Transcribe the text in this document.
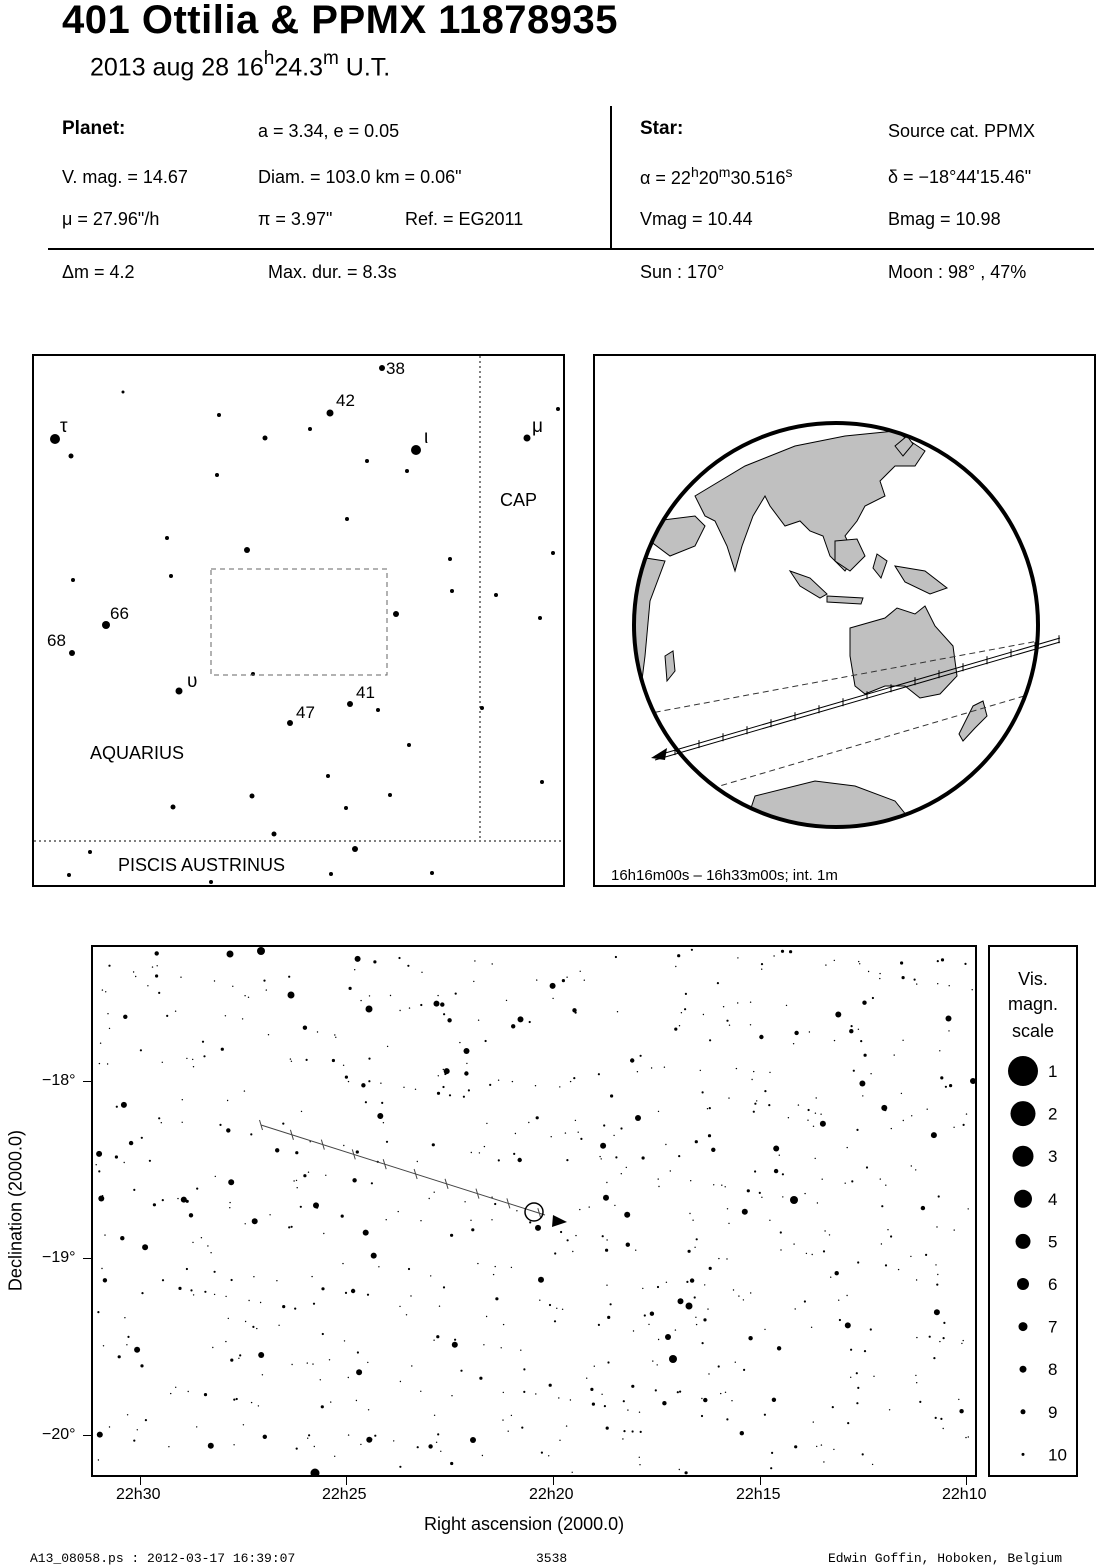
401 Ottilia & PPMX 11878935
2013 aug 28 16$^h$24.3$^m$ U.T.
Planet:	a = 3.34, e = 0.05
V. mag. = 14.67	Diam. = 103.0 km = 0.06"
μ = 27.96"/h	π = 3.97"	Ref. = EG2011
Star:	Source cat. PPMX
$\alpha = 22^h20^m30.516^s$	δ = −18°44'15.46"
Vmag = 10.44	Bmag = 10.98
Δm = 4.2	Max. dur. = 8.3s	Sun : 170°	Moon : 98° , 47%
38
42
τ
ι
μ
66
68
υ
41
47
CAP
AQUARIUS
PISCIS AUSTRINUS
16h16m00s – 16h33m00s; int. 1m
−18°
−19°
−20°
22h30	22h25	22h20	22h15	22h10
Right ascension (2000.0)
Declination (2000.0)
Vis.
magn.
scale
1
2
3
4
5
6
7
8
9
10
A13_08058.ps : 2012-03-17 16:39:07	3538	Edwin Goffin, Hoboken, Belgium
